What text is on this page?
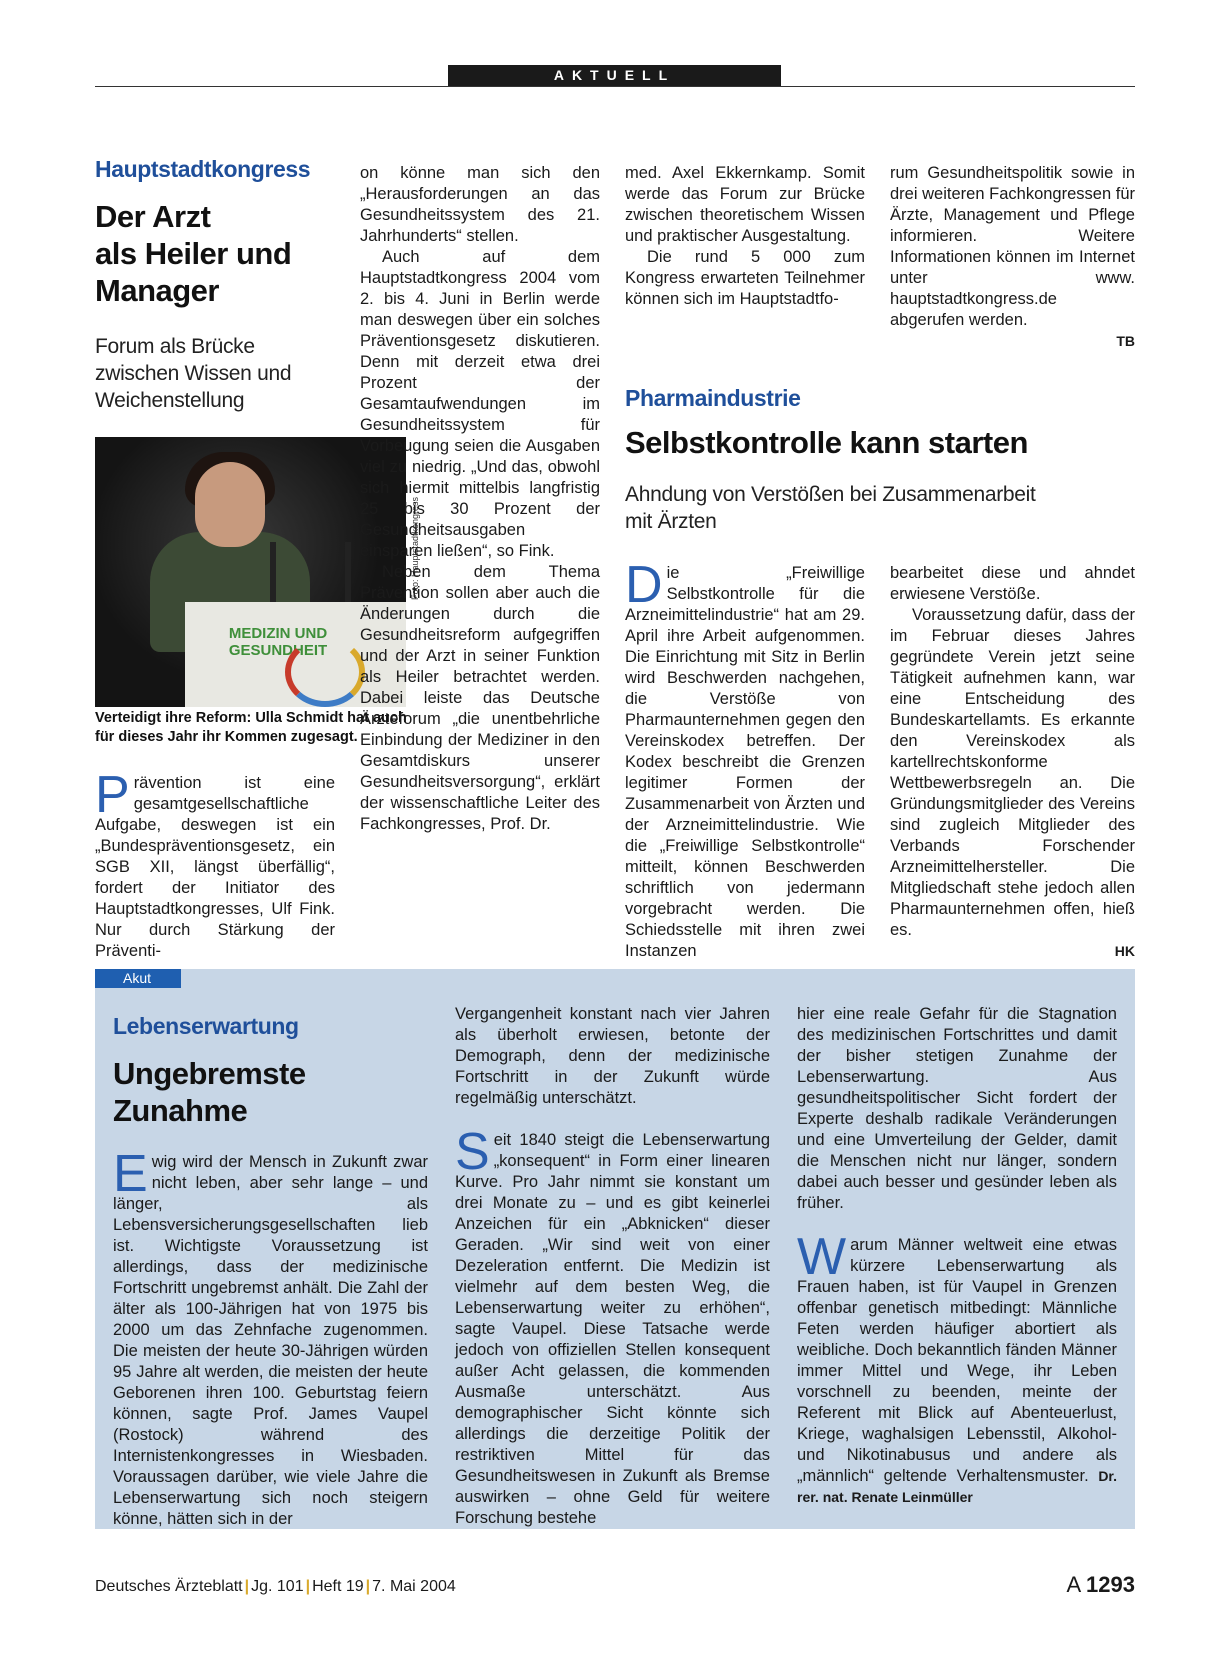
AKTUELL
Hauptstadtkongress
Der Arzt
als Heiler und
Manager
Forum als Brücke zwischen Wissen und Weichenstellung
MEDIZIN UND GESUNDHEIT
Foto: Hauptstadtkongress
Verteidigt ihre Reform: Ulla Schmidt hat auch für dieses Jahr ihr Kommen zugesagt.

Prävention ist eine gesamtgesellschaftliche Aufgabe, deswegen ist ein „Bundespräventionsgesetz, ein SGB XII, längst überfällig“, fordert der Initiator des Hauptstadtkongresses, Ulf Fink. Nur durch Stärkung der Präventi-

on könne man sich den „Herausforderungen an das Gesundheitssystem des 21. Jahrhunderts“ stellen.

Auch auf dem Hauptstadtkongress 2004 vom 2. bis 4. Juni in Berlin werde man deswegen über ein solches Präventionsgesetz diskutieren. Denn mit derzeit etwa drei Prozent der Gesamtaufwendungen im Gesundheitssystem für Vorbeugung seien die Ausgaben viel zu niedrig. „Und das, obwohl sich hiermit mittelbis langfristig 25 bis 30 Prozent der Gesundheitsausgaben einsparen ließen“, so Fink.

Neben dem Thema Prävention sollen aber auch die Änderungen durch die Gesundheitsreform aufgegriffen und der Arzt in seiner Funktion als Heiler betrachtet werden. Dabei leiste das Deutsche Ärzteforum „die unentbehrliche Einbindung der Mediziner in den Gesamtdiskurs unserer Gesundheitsversorgung“, erklärt der wissenschaftliche Leiter des Fachkongresses, Prof. Dr.

med. Axel Ekkernkamp. Somit werde das Forum zur Brücke zwischen theoretischem Wissen und praktischer Ausgestaltung.

Die rund 5 000 zum Kongress erwarteten Teilnehmer können sich im Hauptstadtfo-

rum Gesundheitspolitik sowie in drei weiteren Fachkongressen für Ärzte, Management und Pflege informieren. Weitere Informationen können im Internet unter www. hauptstadtkongress.de abgerufen werden.

TB

Pharmaindustrie
Selbstkontrolle kann starten
Ahndung von Verstößen bei Zusammenarbeit mit Ärzten

Die „Freiwillige Selbstkontrolle für die Arzneimittelindustrie“ hat am 29. April ihre Arbeit aufgenommen. Die Einrichtung mit Sitz in Berlin wird Beschwerden nachgehen, die Verstöße von Pharmaunternehmen gegen den Vereinskodex betreffen. Der Kodex beschreibt die Grenzen legitimer Formen der Zusammenarbeit von Ärzten und der Arzneimittelindustrie. Wie die „Freiwillige Selbstkontrolle“ mitteilt, können Beschwerden schriftlich von jedermann vorgebracht werden. Die Schiedsstelle mit ihren zwei Instanzen

bearbeitet diese und ahndet erwiesene Verstöße.

Voraussetzung dafür, dass der im Februar dieses Jahres gegründete Verein jetzt seine Tätigkeit aufnehmen kann, war eine Entscheidung des Bundeskartellamts. Es erkannte den Vereinskodex als kartellrechtskonforme Wettbewerbsregeln an. Die Gründungsmitglieder des Vereins sind zugleich Mitglieder des Verbands Forschender Arzneimittelhersteller. Die Mitgliedschaft stehe jedoch allen Pharmaunternehmen offen, hieß es.

HK

Akut
Lebenserwartung
Ungebremste
Zunahme

Ewig wird der Mensch in Zukunft zwar nicht leben, aber sehr lange – und länger, als Lebensversicherungsgesellschaften lieb ist. Wichtigste Voraussetzung ist allerdings, dass der medizinische Fortschritt ungebremst anhält. Die Zahl der älter als 100-Jährigen hat von 1975 bis 2000 um das Zehnfache zugenommen. Die meisten der heute 30-Jährigen würden 95 Jahre alt werden, die meisten der heute Geborenen ihren 100. Geburtstag feiern können, sagte Prof. James Vaupel (Rostock) während des Internistenkongresses in Wiesbaden. Voraussagen darüber, wie viele Jahre die Lebenserwartung sich noch steigern könne, hätten sich in der

Vergangenheit konstant nach vier Jahren als überholt erwiesen, betonte der Demograph, denn der medizinische Fortschritt in der Zukunft würde regelmäßig unterschätzt.

Seit 1840 steigt die Lebenserwartung „konsequent“ in Form einer linearen Kurve. Pro Jahr nimmt sie konstant um drei Monate zu – und es gibt keinerlei Anzeichen für ein „Abknicken“ dieser Geraden. „Wir sind weit von einer Dezeleration entfernt. Die Medizin ist vielmehr auf dem besten Weg, die Lebenserwartung weiter zu erhöhen“, sagte Vaupel. Diese Tatsache werde jedoch von offiziellen Stellen konsequent außer Acht gelassen, die kommenden Ausmaße unterschätzt. Aus demographischer Sicht könnte sich allerdings die derzeitige Politik der restriktiven Mittel für das Gesundheitswesen in Zukunft als Bremse auswirken – ohne Geld für weitere Forschung bestehe

hier eine reale Gefahr für die Stagnation des medizinischen Fortschrittes und damit der bisher stetigen Zunahme der Lebenserwartung. Aus gesundheitspolitischer Sicht fordert der Experte deshalb radikale Veränderungen und eine Umverteilung der Gelder, damit die Menschen nicht nur länger, sondern dabei auch besser und gesünder leben als früher.

Warum Männer weltweit eine etwas kürzere Lebenserwartung als Frauen haben, ist für Vaupel in Grenzen offenbar genetisch mitbedingt: Männliche Feten werden häufiger abortiert als weibliche. Doch bekanntlich fänden Männer immer Mittel und Wege, ihr Leben vorschnell zu beenden, meinte der Referent mit Blick auf Abenteuerlust, Kriege, waghalsigen Lebensstil, Alkohol- und Nikotinabusus und andere als „männlich“ geltende Verhaltensmuster. Dr. rer. nat. Renate Leinmüller

Deutsches Ärzteblatt | Jg. 101 | Heft 19 | 7. Mai 2004	A 1293
